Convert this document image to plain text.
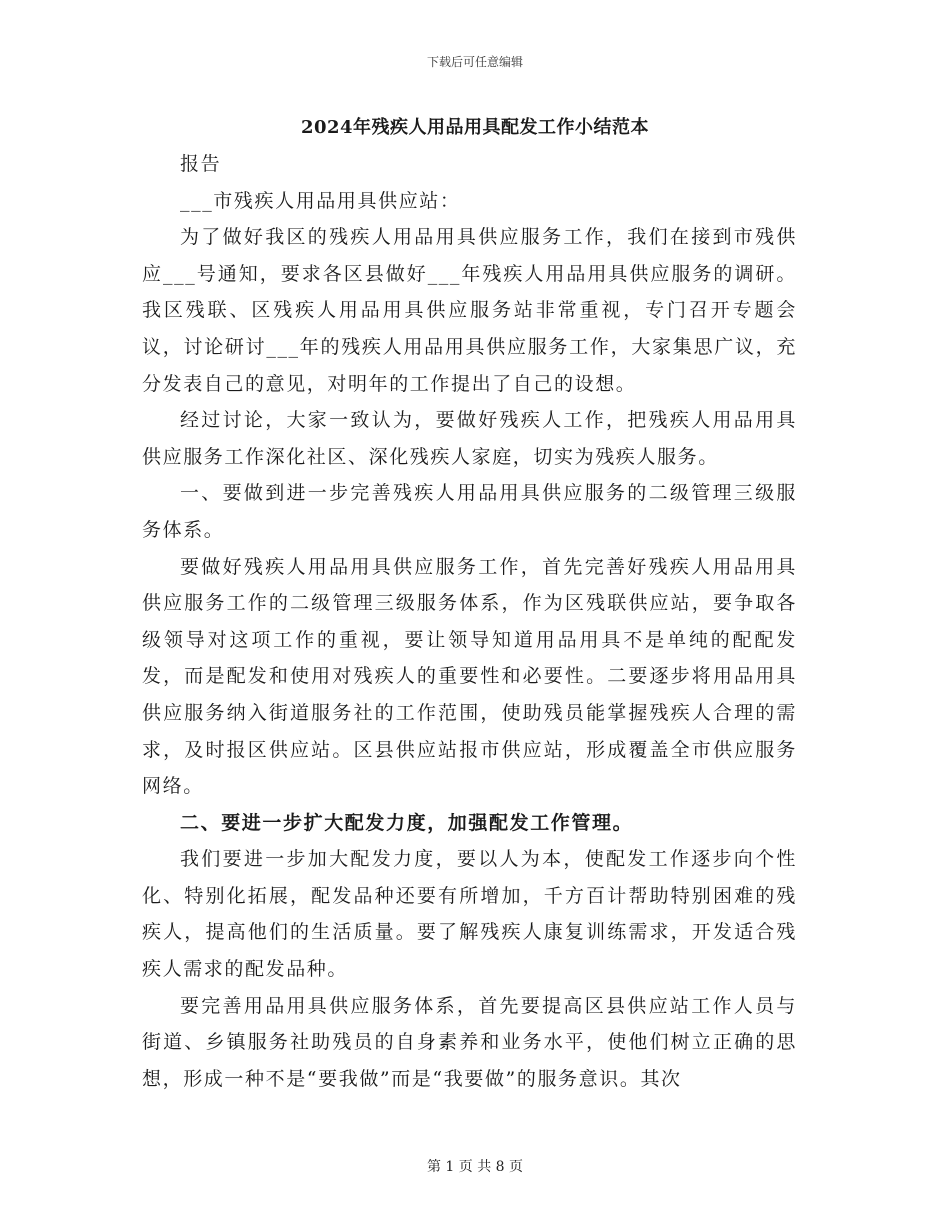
下载后可任意编辑
2024年残疾人用品用具配发工作小结范本

报告

___市残疾人用品用具供应站：

为了做好我区的残疾人用品用具供应服务工作，我们在接到市残供应___号通知，要求各区县做好___年残疾人用品用具供应服务的调研。我区残联、区残疾人用品用具供应服务站非常重视，专门召开专题会议，讨论研讨___年的残疾人用品用具供应服务工作，大家集思广议，充分发表自己的意见，对明年的工作提出了自己的设想。

经过讨论，大家一致认为，要做好残疾人工作，把残疾人用品用具供应服务工作深化社区、深化残疾人家庭，切实为残疾人服务。

一、要做到进一步完善残疾人用品用具供应服务的二级管理三级服务体系。

要做好残疾人用品用具供应服务工作，首先完善好残疾人用品用具供应服务工作的二级管理三级服务体系，作为区残联供应站，要争取各级领导对这项工作的重视，要让领导知道用品用具不是单纯的配配发发，而是配发和使用对残疾人的重要性和必要性。二要逐步将用品用具供应服务纳入街道服务社的工作范围，使助残员能掌握残疾人合理的需求，及时报区供应站。区县供应站报市供应站，形成覆盖全市供应服务网络。

二、要进一步扩大配发力度，加强配发工作管理。

我们要进一步加大配发力度，要以人为本，使配发工作逐步向个性化、特别化拓展，配发品种还要有所增加，千方百计帮助特别困难的残疾人，提高他们的生活质量。要了解残疾人康复训练需求，开发适合残疾人需求的配发品种。

要完善用品用具供应服务体系，首先要提高区县供应站工作人员与街道、乡镇服务社助残员的自身素养和业务水平，使他们树立正确的思想，形成一种不是“要我做”而是“我要做”的服务意识。其次

第 1 页 共 8 页
